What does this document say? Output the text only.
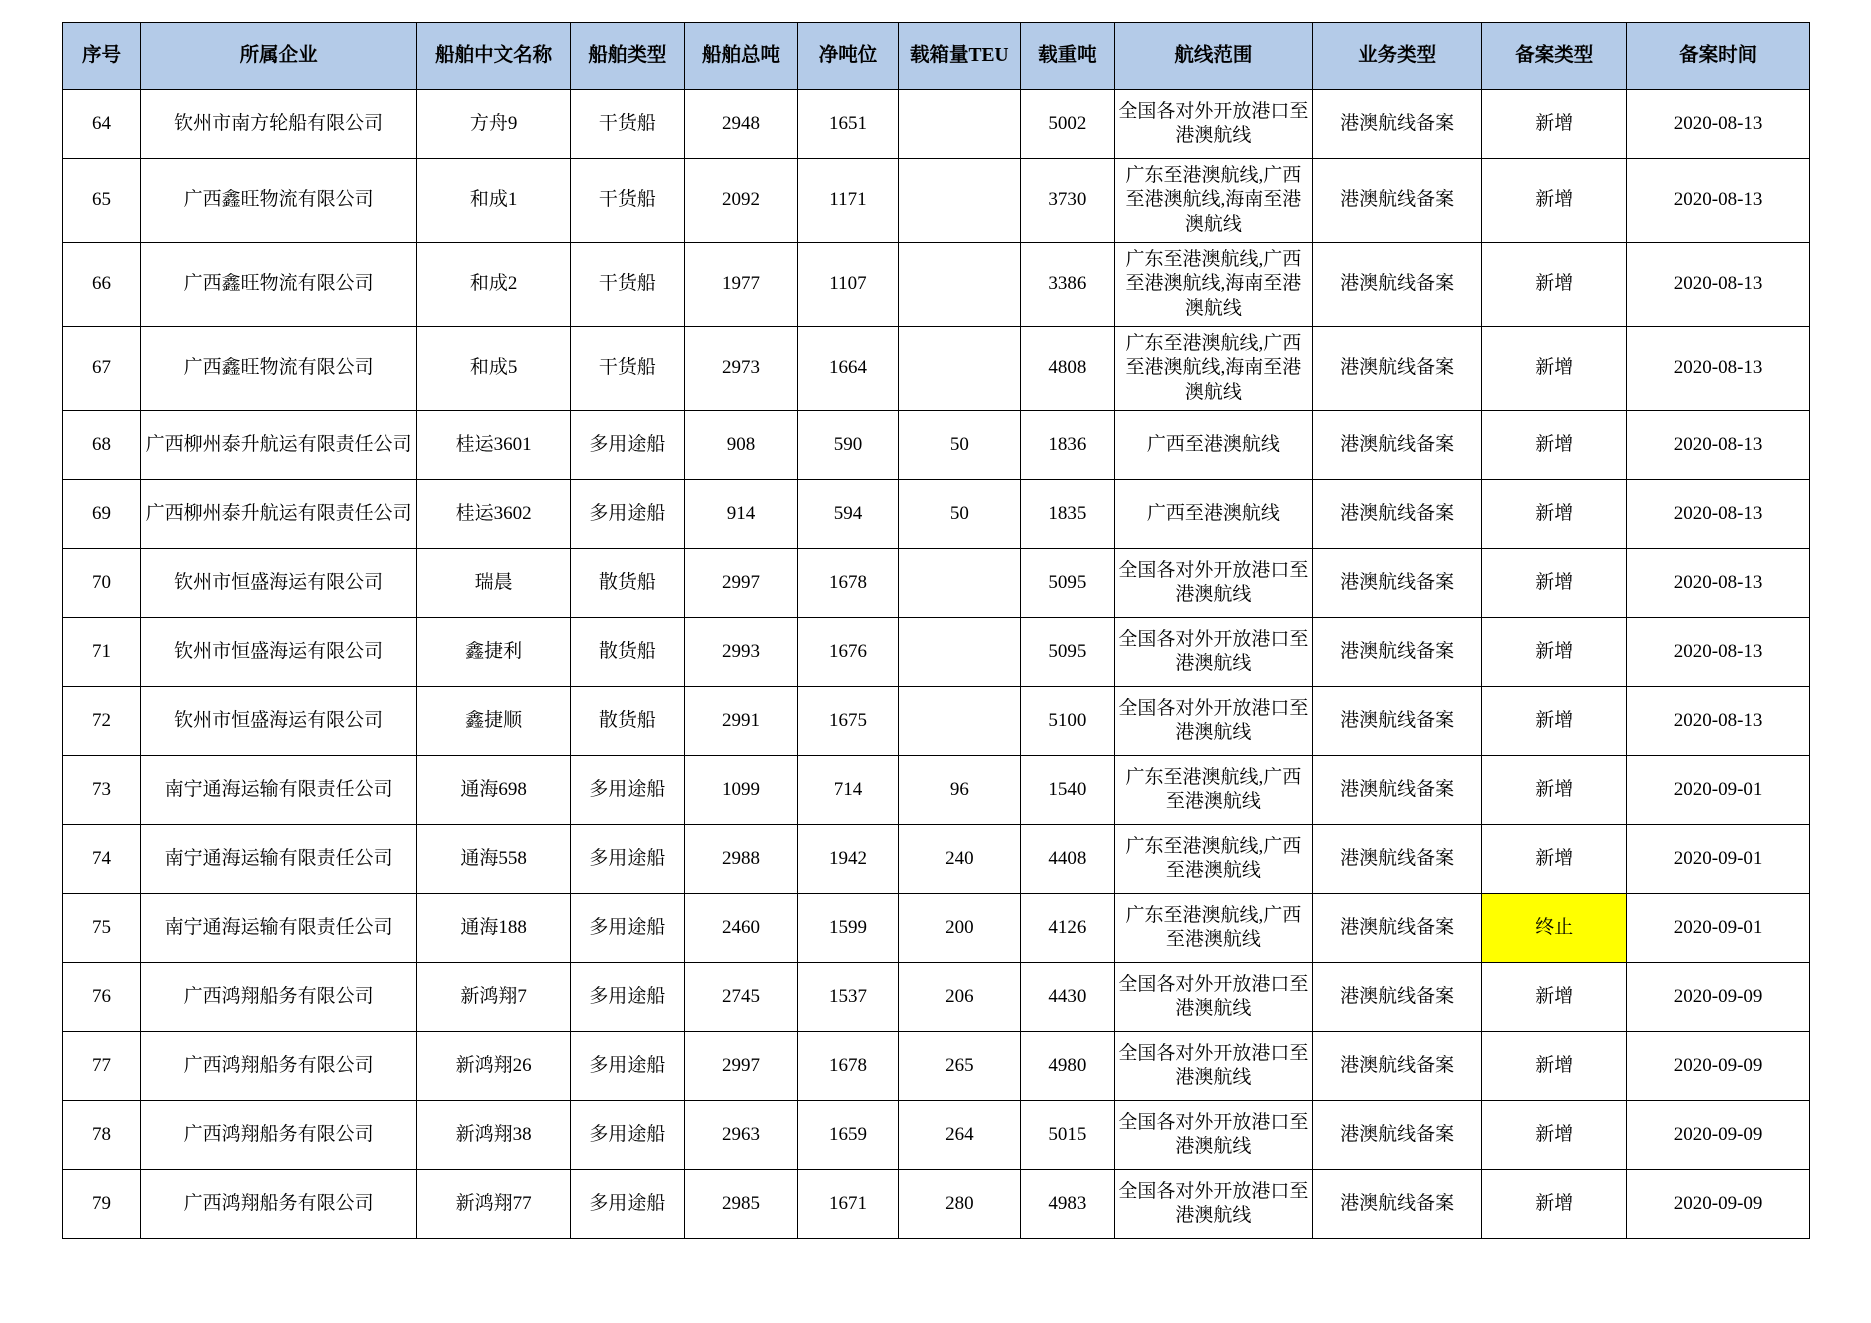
序号	所属企业	船舶中文名称	船舶类型	船舶总吨	净吨位	载箱量TEU	载重吨	航线范围	业务类型	备案类型	备案时间
64	钦州市南方轮船有限公司	方舟9	干货船	2948	1651		5002	全国各对外开放港口至港澳航线	港澳航线备案	新增	2020-08-13
65	广西鑫旺物流有限公司	和成1	干货船	2092	1171		3730	广东至港澳航线,广西至港澳航线,海南至港澳航线	港澳航线备案	新增	2020-08-13
66	广西鑫旺物流有限公司	和成2	干货船	1977	1107		3386	广东至港澳航线,广西至港澳航线,海南至港澳航线	港澳航线备案	新增	2020-08-13
67	广西鑫旺物流有限公司	和成5	干货船	2973	1664		4808	广东至港澳航线,广西至港澳航线,海南至港澳航线	港澳航线备案	新增	2020-08-13
68	广西柳州泰升航运有限责任公司	桂运3601	多用途船	908	590	50	1836	广西至港澳航线	港澳航线备案	新增	2020-08-13
69	广西柳州泰升航运有限责任公司	桂运3602	多用途船	914	594	50	1835	广西至港澳航线	港澳航线备案	新增	2020-08-13
70	钦州市恒盛海运有限公司	瑞晨	散货船	2997	1678		5095	全国各对外开放港口至港澳航线	港澳航线备案	新增	2020-08-13
71	钦州市恒盛海运有限公司	鑫捷利	散货船	2993	1676		5095	全国各对外开放港口至港澳航线	港澳航线备案	新增	2020-08-13
72	钦州市恒盛海运有限公司	鑫捷顺	散货船	2991	1675		5100	全国各对外开放港口至港澳航线	港澳航线备案	新增	2020-08-13
73	南宁通海运输有限责任公司	通海698	多用途船	1099	714	96	1540	广东至港澳航线,广西至港澳航线	港澳航线备案	新增	2020-09-01
74	南宁通海运输有限责任公司	通海558	多用途船	2988	1942	240	4408	广东至港澳航线,广西至港澳航线	港澳航线备案	新增	2020-09-01
75	南宁通海运输有限责任公司	通海188	多用途船	2460	1599	200	4126	广东至港澳航线,广西至港澳航线	港澳航线备案	终止	2020-09-01
76	广西鸿翔船务有限公司	新鸿翔7	多用途船	2745	1537	206	4430	全国各对外开放港口至港澳航线	港澳航线备案	新增	2020-09-09
77	广西鸿翔船务有限公司	新鸿翔26	多用途船	2997	1678	265	4980	全国各对外开放港口至港澳航线	港澳航线备案	新增	2020-09-09
78	广西鸿翔船务有限公司	新鸿翔38	多用途船	2963	1659	264	5015	全国各对外开放港口至港澳航线	港澳航线备案	新增	2020-09-09
79	广西鸿翔船务有限公司	新鸿翔77	多用途船	2985	1671	280	4983	全国各对外开放港口至港澳航线	港澳航线备案	新增	2020-09-09
